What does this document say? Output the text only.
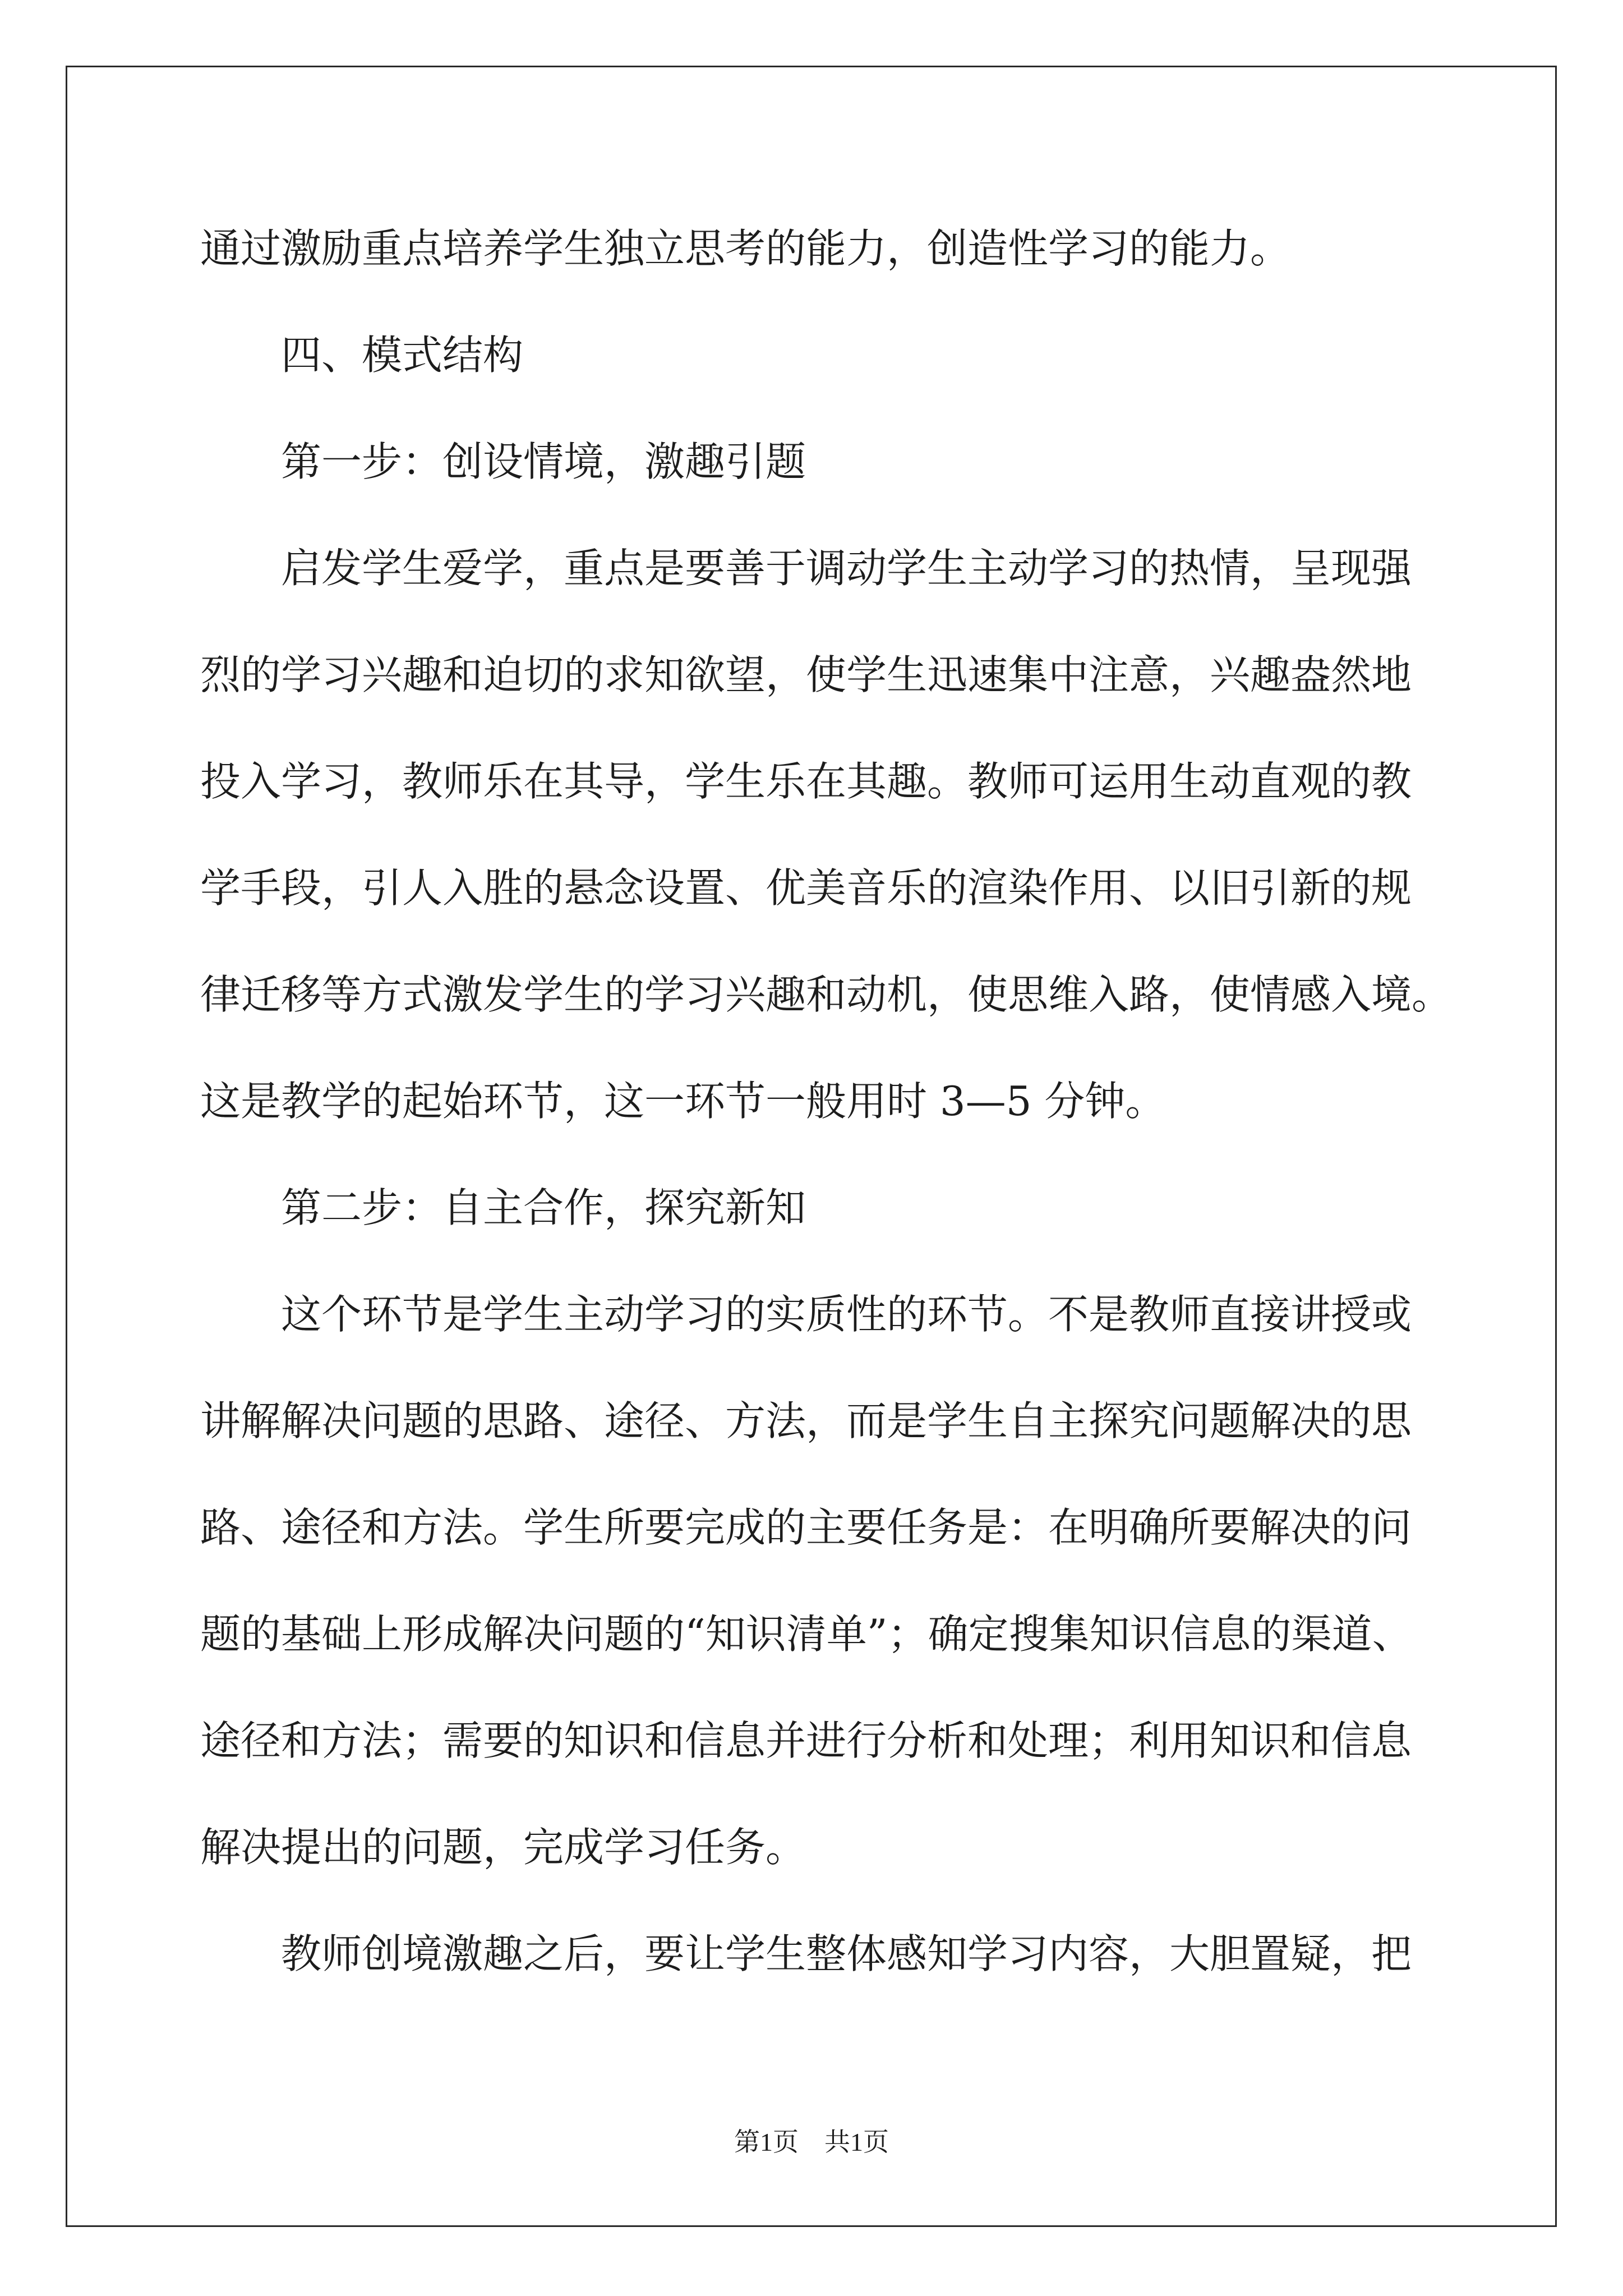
通过激励重点培养学生独立思考的能力，创造性学习的能力。
四、模式结构
第一步：创设情境，激趣引题
启发学生爱学，重点是要善于调动学生主动学习的热情，呈现强
烈的学习兴趣和迫切的求知欲望，使学生迅速集中注意，兴趣盎然地
投入学习，教师乐在其导，学生乐在其趣。教师可运用生动直观的教
学手段，引人入胜的悬念设置、优美音乐的渲染作用、以旧引新的规
律迁移等方式激发学生的学习兴趣和动机，使思维入路，使情感入境。
这是教学的起始环节，这一环节一般用时 3—5 分钟。
第二步：自主合作，探究新知
这个环节是学生主动学习的实质性的环节。不是教师直接讲授或
讲解解决问题的思路、途径、方法，而是学生自主探究问题解决的思
路、途径和方法。学生所要完成的主要任务是：在明确所要解决的问
题的基础上形成解决问题的“知识清单”；确定搜集知识信息的渠道、
途径和方法；需要的知识和信息并进行分析和处理；利用知识和信息
解决提出的问题，完成学习任务。
教师创境激趣之后，要让学生整体感知学习内容，大胆置疑，把
第1页　共1页
